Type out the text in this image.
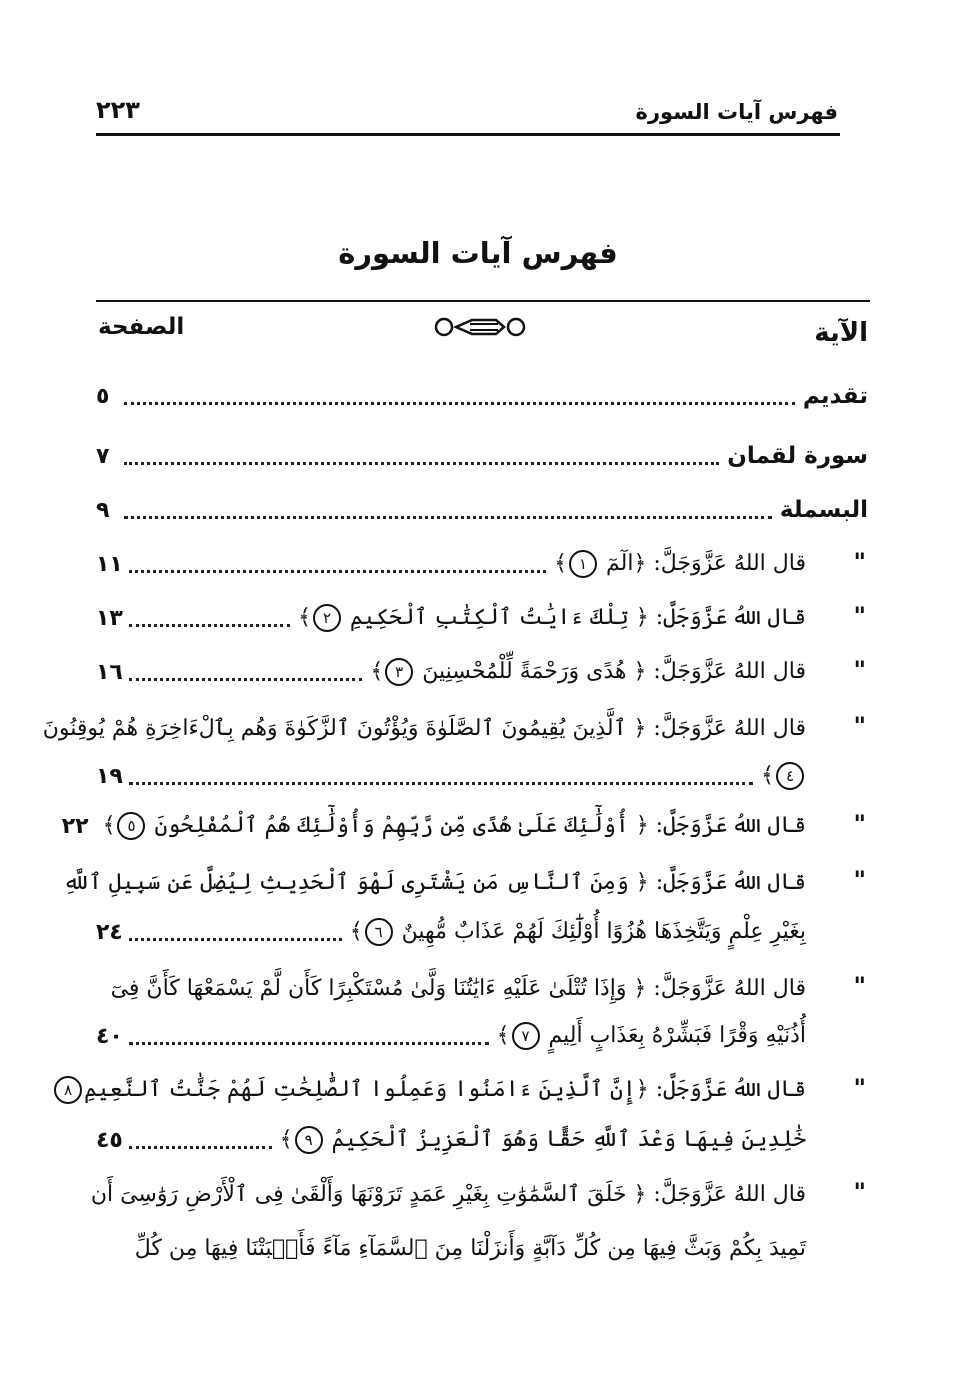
فهرس آيات السورة
٢٢٣
فهرس آيات السورة
الآية
الصفحة
تقديم
٥
سورة لقمان
٧
البسملة
٩
"
قال اللهُ عَزَّوَجَلَّ: ﴿الٓمٓ ١﴾
١١
"
قال اللهُ عَزَّوَجَلَّ: ﴿ تِلْكَ ءَايَٰتُ ٱلْكِتَٰبِ ٱلْحَكِيمِ ٢﴾
١٣
"
قال اللهُ عَزَّوَجَلَّ: ﴿ هُدًى وَرَحْمَةً لِّلْمُحْسِنِينَ ٣﴾
١٦
"
قال اللهُ عَزَّوَجَلَّ: ﴿ ٱلَّذِينَ يُقِيمُونَ ٱلصَّلَوٰةَ وَيُؤْتُونَ ٱلزَّكَوٰةَ وَهُم بِٱلْءَاخِرَةِ هُمْ يُوقِنُونَ
٤﴾
١٩
"
قال اللهُ عَزَّوَجَلَّ: ﴿ أُوْلَٰٓئِكَ عَلَىٰ هُدًى مِّن رَّبِّهِمْ وَأُوْلَٰٓئِكَ هُمُ ٱلْمُفْلِحُونَ ٥﴾
٢٢
"
قال اللهُ عَزَّوَجَلَّ: ﴿ وَمِنَ ٱلنَّاسِ مَن يَشْتَرِى لَهْوَ ٱلْحَدِيثِ لِيُضِلَّ عَن سَبِيلِ ٱللَّهِ
بِغَيْرِ عِلْمٍ وَيَتَّخِذَهَا هُزُوًا أُوْلَٰٓئِكَ لَهُمْ عَذَابٌ مُّهِينٌ ٦﴾
٢٤
"
قال اللهُ عَزَّوَجَلَّ: ﴿ وَإِذَا تُتْلَىٰ عَلَيْهِ ءَايَٰتُنَا وَلَّىٰ مُسْتَكْبِرًا كَأَن لَّمْ يَسْمَعْهَا كَأَنَّ فِىٓ
أُذُنَيْهِ وَقْرًا فَبَشِّرْهُ بِعَذَابٍ أَلِيمٍ ٧﴾
٤٠
"
قال اللهُ عَزَّوَجَلَّ: ﴿إِنَّ ٱلَّذِينَ ءَامَنُوا وَعَمِلُوا ٱلصَّٰلِحَٰتِ لَهُمْ جَنَّٰتُ ٱلنَّعِيمِ٨
خَٰلِدِينَ فِيهَا وَعْدَ ٱللَّهِ حَقًّا وَهُوَ ٱلْعَزِيزُ ٱلْحَكِيمُ ٩﴾
٤٥
"
قال اللهُ عَزَّوَجَلَّ: ﴿ خَلَقَ ٱلسَّمَٰوَٰتِ بِغَيْرِ عَمَدٍ تَرَوْنَهَا وَأَلْقَىٰ فِى ٱلْأَرْضِ رَوَٰسِىَ أَن
تَمِيدَ بِكُمْ وَبَثَّ فِيهَا مِن كُلِّ دَآبَّةٍ وَأَنزَلْنَا مِنَ ٱلسَّمَآءِ مَآءً فَأَنۢبَتْنَا فِيهَا مِن كُلِّ
